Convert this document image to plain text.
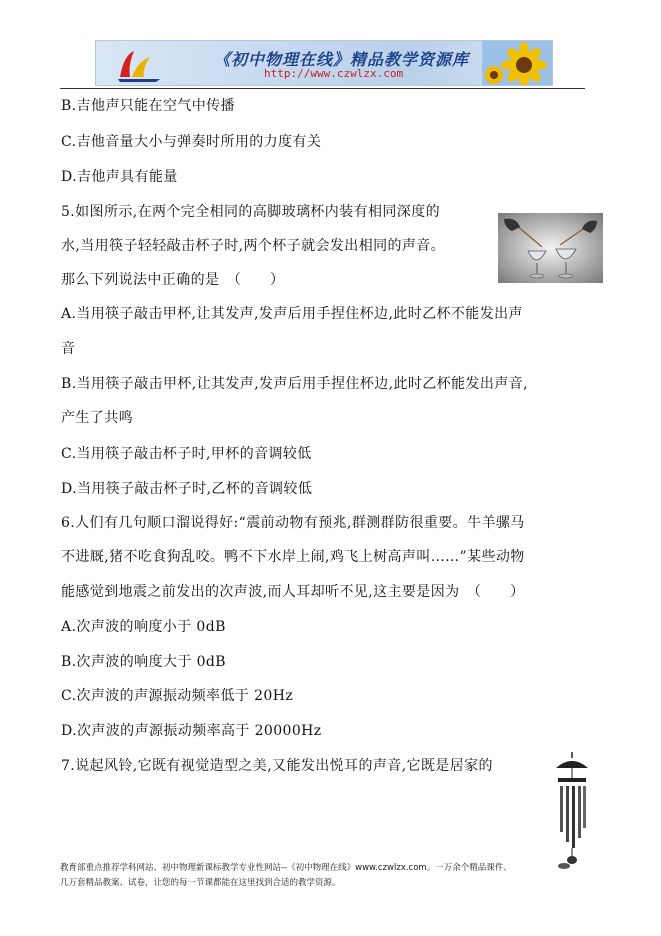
《初中物理在线》精品教学资源库
http://www.czwlzx.com
B.吉他声只能在空气中传播
C.吉他音量大小与弹奏时所用的力度有关
D.吉他声具有能量
5.如图所示,在两个完全相同的高脚玻璃杯内装有相同深度的
水,当用筷子轻轻敲击杯子时,两个杯子就会发出相同的声音。
那么下列说法中正确的是　（　　）
A.当用筷子敲击甲杯,让其发声,发声后用手捏住杯边,此时乙杯不能发出声
音
B.当用筷子敲击甲杯,让其发声,发声后用手捏住杯边,此时乙杯能发出声音,
产生了共鸣
C.当用筷子敲击杯子时,甲杯的音调较低
D.当用筷子敲击杯子时,乙杯的音调较低
6.人们有几句顺口溜说得好:“震前动物有预兆,群测群防很重要。牛羊骡马
不进厩,猪不吃食狗乱咬。鸭不下水岸上闹,鸡飞上树高声叫……”某些动物
能感觉到地震之前发出的次声波,而人耳却听不见,这主要是因为　（　　）
A.次声波的响度小于 0dB
B.次声波的响度大于 0dB
C.次声波的声源振动频率低于 20Hz
D.次声波的声源振动频率高于 20000Hz
7.说起风铃,它既有视觉造型之美,又能发出悦耳的声音,它既是居家的
教育部重点推荐学科网站、初中物理新课标教学专业性网站--《初中物理在线》www.czwlzx.com。一万余个精品课件、
几万套精品教案、试卷，让您的每一节课都能在这里找到合适的教学资源。
